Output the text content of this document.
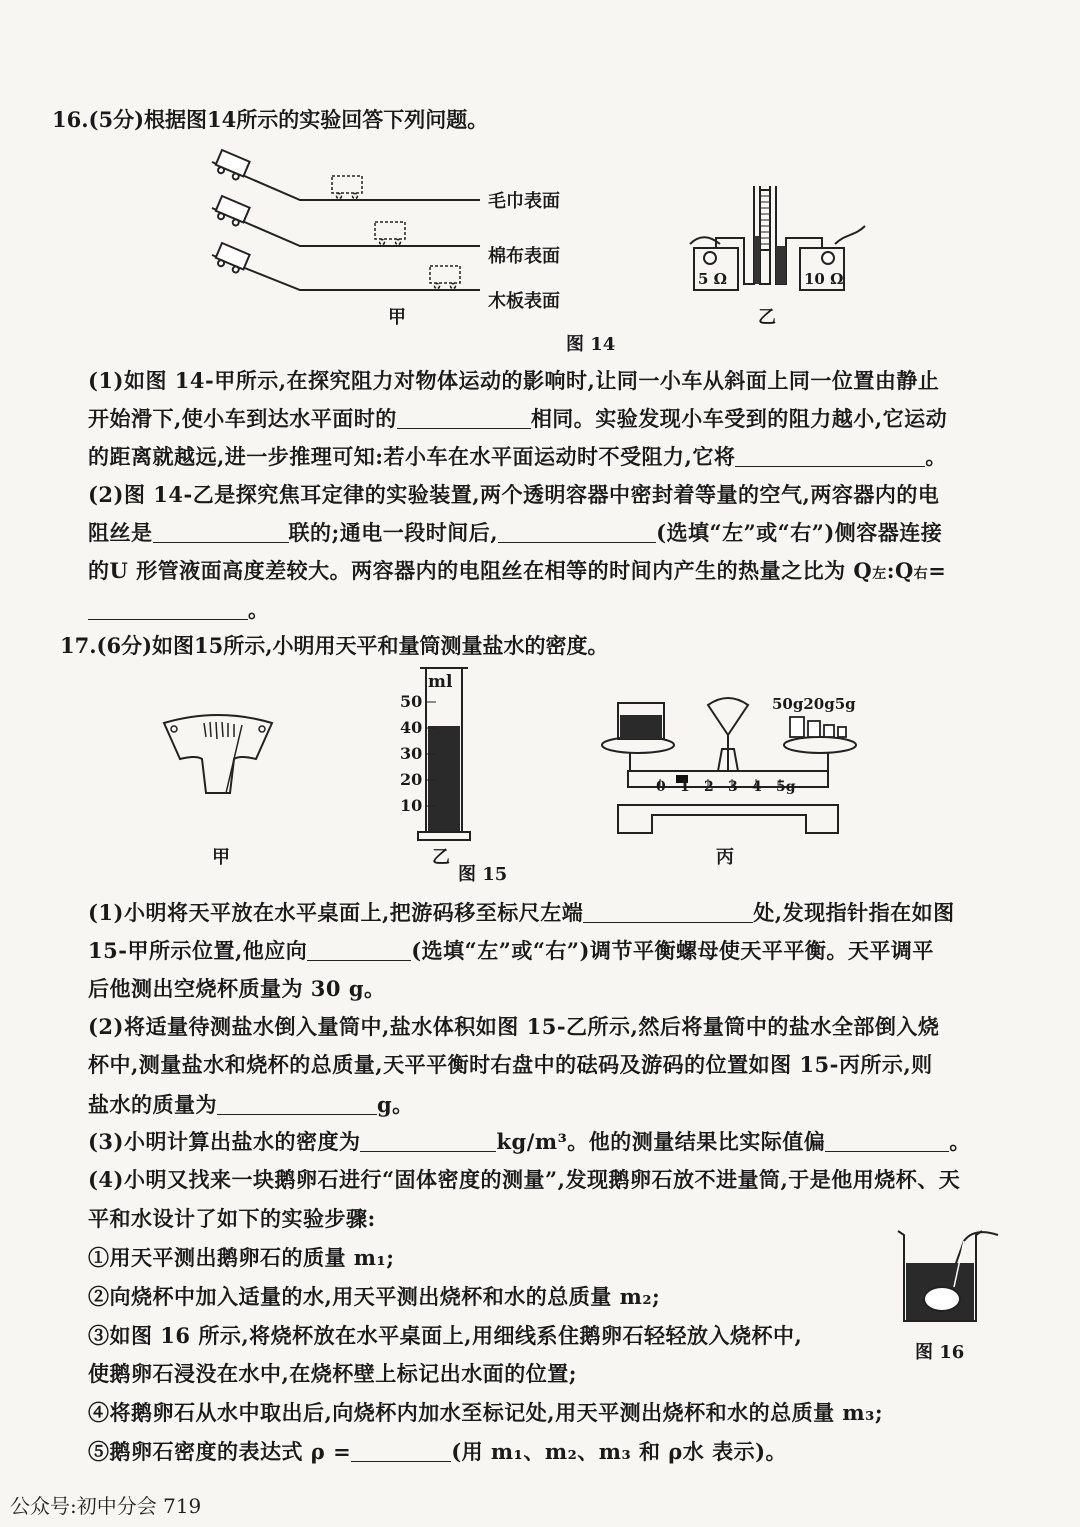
16.(5分)根据图14所示的实验回答下列问题。
毛巾表面
棉布表面
木板表面
甲
5 Ω	10 Ω
乙
图 14
(1)如图 14-甲所示,在探究阻力对物体运动的影响时,让同一小车从斜面上同一位置由静止
开始滑下,使小车到达水平面时的	相同。实验发现小车受到的阻力越小,它运动
的距离就越远,进一步推理可知:若小车在水平面运动时不受阻力,它将	。
(2)图 14-乙是探究焦耳定律的实验装置,两个透明容器中密封着等量的空气,两容器内的电
阻丝是	联的;通电一段时间后,	(选填“左”或“右”)侧容器连接
的U 形管液面高度差较大。两容器内的电阻丝在相等的时间内产生的热量之比为 Q左:Q右=
。
17.(6分)如图15所示,小明用天平和量筒测量盐水的密度。
甲
ml
50
40
30
20
10
乙
图 15
50g20g5g
0 1 2 3 4 5g
丙
(1)小明将天平放在水平桌面上,把游码移至标尺左端	处,发现指针指在如图
15-甲所示位置,他应向	(选填“左”或“右”)调节平衡螺母使天平平衡。天平调平
后他测出空烧杯质量为 30 g。
(2)将适量待测盐水倒入量筒中,盐水体积如图 15-乙所示,然后将量筒中的盐水全部倒入烧
杯中,测量盐水和烧杯的总质量,天平平衡时右盘中的砝码及游码的位置如图 15-丙所示,则
盐水的质量为	g。
(3)小明计算出盐水的密度为	kg/m³。他的测量结果比实际值偏	。
(4)小明又找来一块鹅卵石进行“固体密度的测量”,发现鹅卵石放不进量筒,于是他用烧杯、天
平和水设计了如下的实验步骤:
①用天平测出鹅卵石的质量 m₁;
②向烧杯中加入适量的水,用天平测出烧杯和水的总质量 m₂;
③如图 16 所示,将烧杯放在水平桌面上,用细线系住鹅卵石轻轻放入烧杯中,
使鹅卵石浸没在水中,在烧杯壁上标记出水面的位置;
④将鹅卵石从水中取出后,向烧杯内加水至标记处,用天平测出烧杯和水的总质量 m₃;
⑤鹅卵石密度的表达式 ρ =	(用 m₁、m₂、m₃ 和 ρ水 表示)。
图 16
公众号:初中分会 719
